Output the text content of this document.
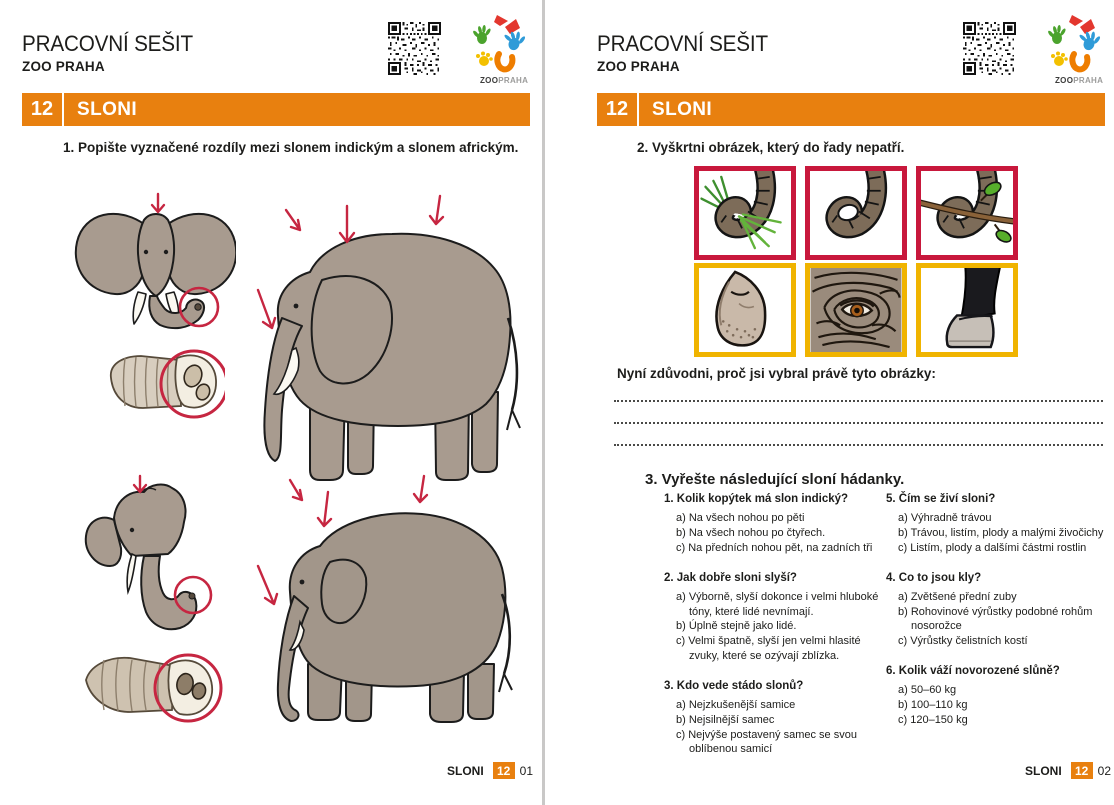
PRACOVNÍ SEŠIT
ZOO PRAHA
12	SLONI
1. Popište vyznačené rozdíly mezi slonem indickým a slonem africkým.
SLONI	12 01
PRACOVNÍ SEŠIT
ZOO PRAHA
12	SLONI
2. Vyškrtni obrázek, který do řady nepatří.
Nyní zdůvodni, proč jsi vybral právě tyto obrázky:
3. Vyřešte následující sloní hádanky.
1. Kolik kopýtek má slon indický?
a) Na všech nohou po pěti
b) Na všech nohou po čtyřech.
c) Na předních nohou pět, na zadních tři
2. Jak dobře sloni slyší?
a) Výborně, slyší dokonce i velmi hluboké tóny, které lidé nevnímají.
b) Úplně stejně jako lidé.
c) Velmi špatně, slyší jen velmi hlasité zvuky, které se ozývají zblízka.
3. Kdo vede stádo slonů?
a) Nejzkušenější samice
b) Nejsilnější samec
c) Nejvýše postavený samec se svou oblíbenou samicí
5. Čím se živí sloni?
a) Výhradně trávou
b) Trávou, listím, plody a malými živočichy
c) Listím, plody a dalšími částmi rostlin
4. Co to jsou kly?
a) Zvětšené přední zuby
b) Rohovinové výrůstky podobné rohům nosorožce
c) Výrůstky čelistních kostí
6. Kolik váží novorozené slůně?
a) 50–60 kg
b) 100–110 kg
c) 120–150 kg
SLONI	12 02
